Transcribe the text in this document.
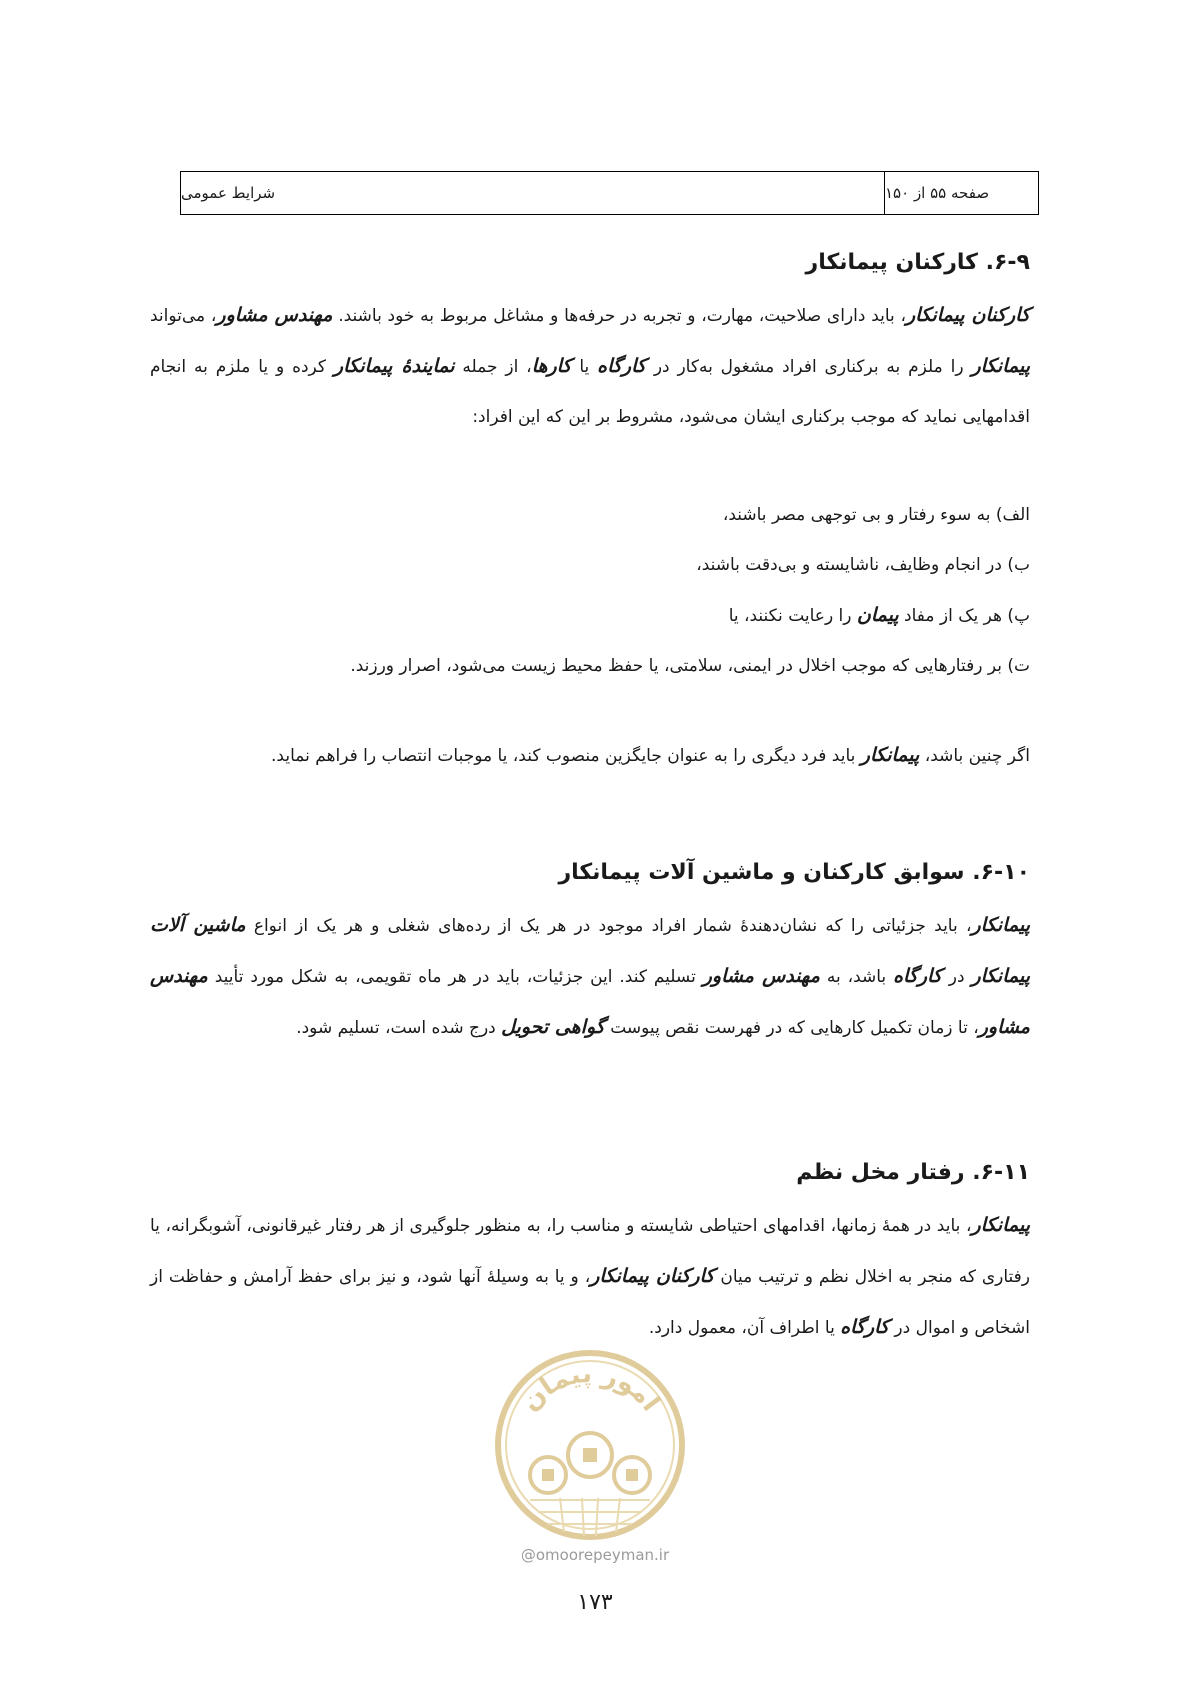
شرایط عمومی	صفحه ۵۵ از ۱۵۰
۶-۹. کارکنان پیمانکار

کارکنان پیمانکار، باید دارای صلاحیت، مهارت، و تجربه در حرفه‌ها و مشاغل مربوط به خود باشند. مهندس مشاور، می‌تواند پیمانکار را ملزم به برکناری افراد مشغول به‌کار در کارگاه یا کارها، از جمله نمایندۀ پیمانکار کرده و یا ملزم به انجام اقدامهایی نماید که موجب برکناری ایشان می‌شود، مشروط بر این که این افراد:

الف) به سوء رفتار و بی توجهی مصر باشند،
ب) در انجام وظایف، ناشایسته و بی‌دقت باشند،
پ) هر یک از مفاد پیمان را رعایت نکنند، یا
ت) بر رفتارهایی که موجب اخلال در ایمنی، سلامتی، یا حفظ محیط زیست می‌شود، اصرار ورزند.

اگر چنین باشد، پیمانکار باید فرد دیگری را به عنوان جایگزین منصوب کند، یا موجبات انتصاب را فراهم نماید.

۶-۱۰. سوابق کارکنان و ماشین آلات پیمانکار

پیمانکار، باید جزئیاتی را که نشان‌دهندۀ شمار افراد موجود در هر یک از رده‌های شغلی و هر یک از انواع ماشین آلات پیمانکار در کارگاه باشد، به مهندس مشاور تسلیم کند. این جزئیات، باید در هر ماه تقویمی، به شکل مورد تأیید مهندس مشاور، تا زمان تکمیل کارهایی که در فهرست نقص پیوست گواهی تحویل درج شده است، تسلیم شود.

۶-۱۱. رفتار مخل نظم

پیمانکار، باید در همۀ زمانها، اقدامهای احتیاطی شایسته و مناسب را، به منظور جلوگیری از هر رفتار غیرقانونی، آشوبگرانه، یا رفتاری که منجر به اخلال نظم و ترتیب میان کارکنان پیمانکار، و یا به وسیلۀ آنها شود، و نیز برای حفظ آرامش و حفاظت از اشخاص و اموال در کارگاه یا اطراف آن، معمول دارد.

امور پیمان
@omoorepeyman.ir
۱۷۳
